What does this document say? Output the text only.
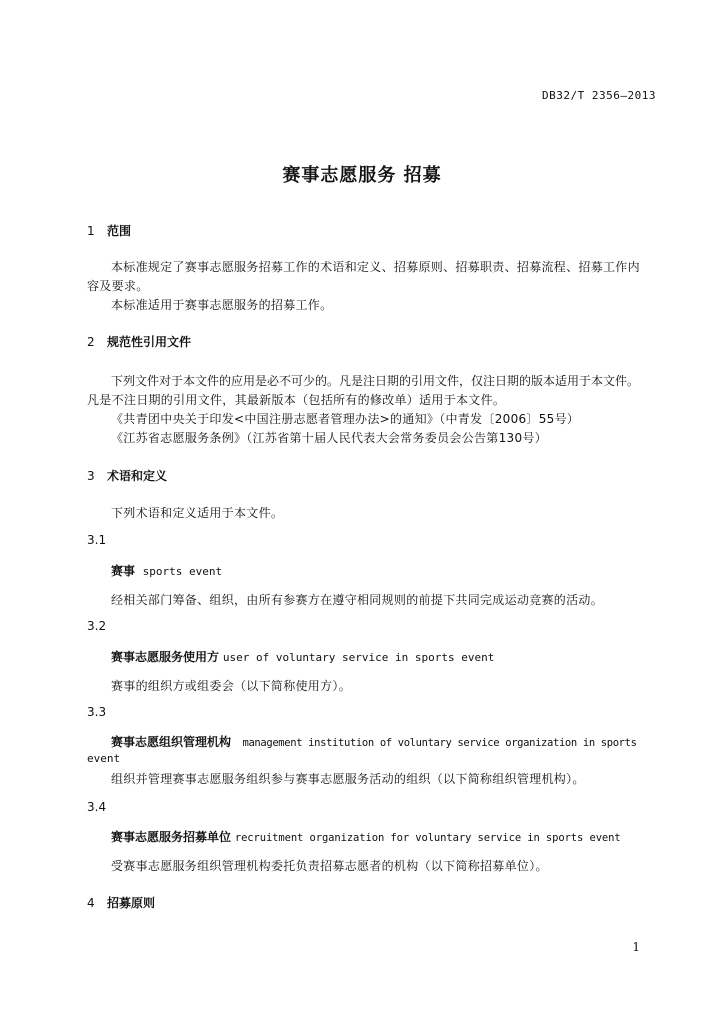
DB32/T 2356—2013
赛事志愿服务 招募
1 范围
本标准规定了赛事志愿服务招募工作的术语和定义、招募原则、招募职责、招募流程、招募工作内
容及要求。
本标准适用于赛事志愿服务的招募工作。
2 规范性引用文件
下列文件对于本文件的应用是必不可少的。凡是注日期的引用文件，仅注日期的版本适用于本文件。
凡是不注日期的引用文件，其最新版本（包括所有的修改单）适用于本文件。
《共青团中央关于印发<中国注册志愿者管理办法>的通知》（中青发〔2006〕55号）
《江苏省志愿服务条例》（江苏省第十届人民代表大会常务委员会公告第130号）
3 术语和定义
下列术语和定义适用于本文件。
3.1
赛事 sports event
经相关部门筹备、组织，由所有参赛方在遵守相同规则的前提下共同完成运动竞赛的活动。
3.2
赛事志愿服务使用方 user of voluntary service in sports event
赛事的组织方或组委会（以下简称使用方）。
3.3
赛事志愿组织管理机构 management institution of voluntary service organization in sports
event
组织并管理赛事志愿服务组织参与赛事志愿服务活动的组织（以下简称组织管理机构）。
3.4
赛事志愿服务招募单位 recruitment organization for voluntary service in sports event
受赛事志愿服务组织管理机构委托负责招募志愿者的机构（以下简称招募单位）。
4 招募原则
1
